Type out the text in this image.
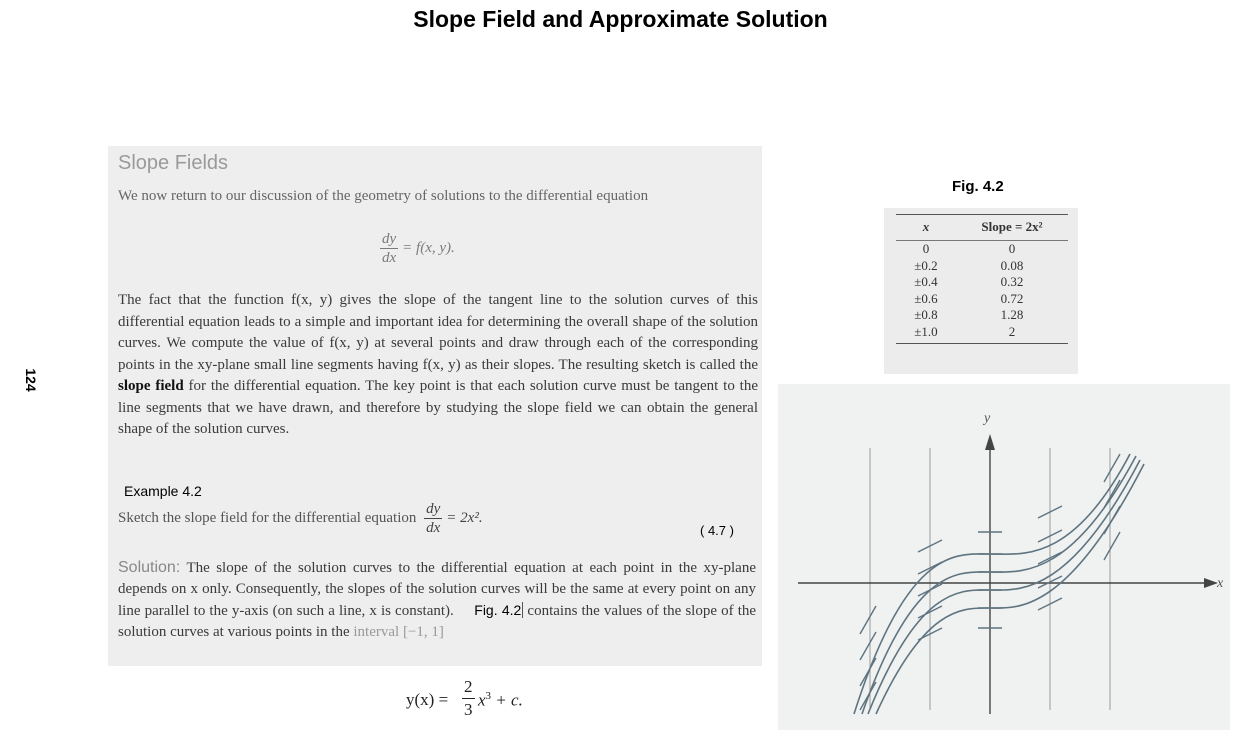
Slope Field and Approximate Solution
124
Slope Fields
We now return to our discussion of the geometry of solutions to the differential equation
$\frac{dy}{dx} = f(x$, y).
The fact that the function f(x, y) gives the slope of the tangent line to the solution curves of this differential equation leads to a simple and important idea for determining the overall shape of the solution curves. We compute the value of f(x, y) at several points and draw through each of the corresponding points in the xy-plane small line segments having f(x, y) as their slopes. The resulting sketch is called the slope field for the differential equation. The key point is that each solution curve must be tangent to the line segments that we have drawn, and therefore by studying the slope field we can obtain the general shape of the solution curves.
Example 4.2
Sketch the slope field for the differential equation $\frac{dy}{dx} = 2x^2$.
( 4.7 )
Solution: The slope of the solution curves to the differential equation at each point in the xy-plane depends on x only. Consequently, the slopes of the solution curves will be the same at every point on any line parallel to the y-axis (on such a line, x is constant). Fig. 4.2 contains the values of the slope of the solution curves at various points in the interval [−1, 1]
$y(x) = \frac{2}{3} x^3 + c$.
Fig. 4.2
x	Slope = 2x²
0	0
±0.2	0.08
±0.4	0.32
±0.6	0.72
±0.8	1.28
±1.0	2
x
y
